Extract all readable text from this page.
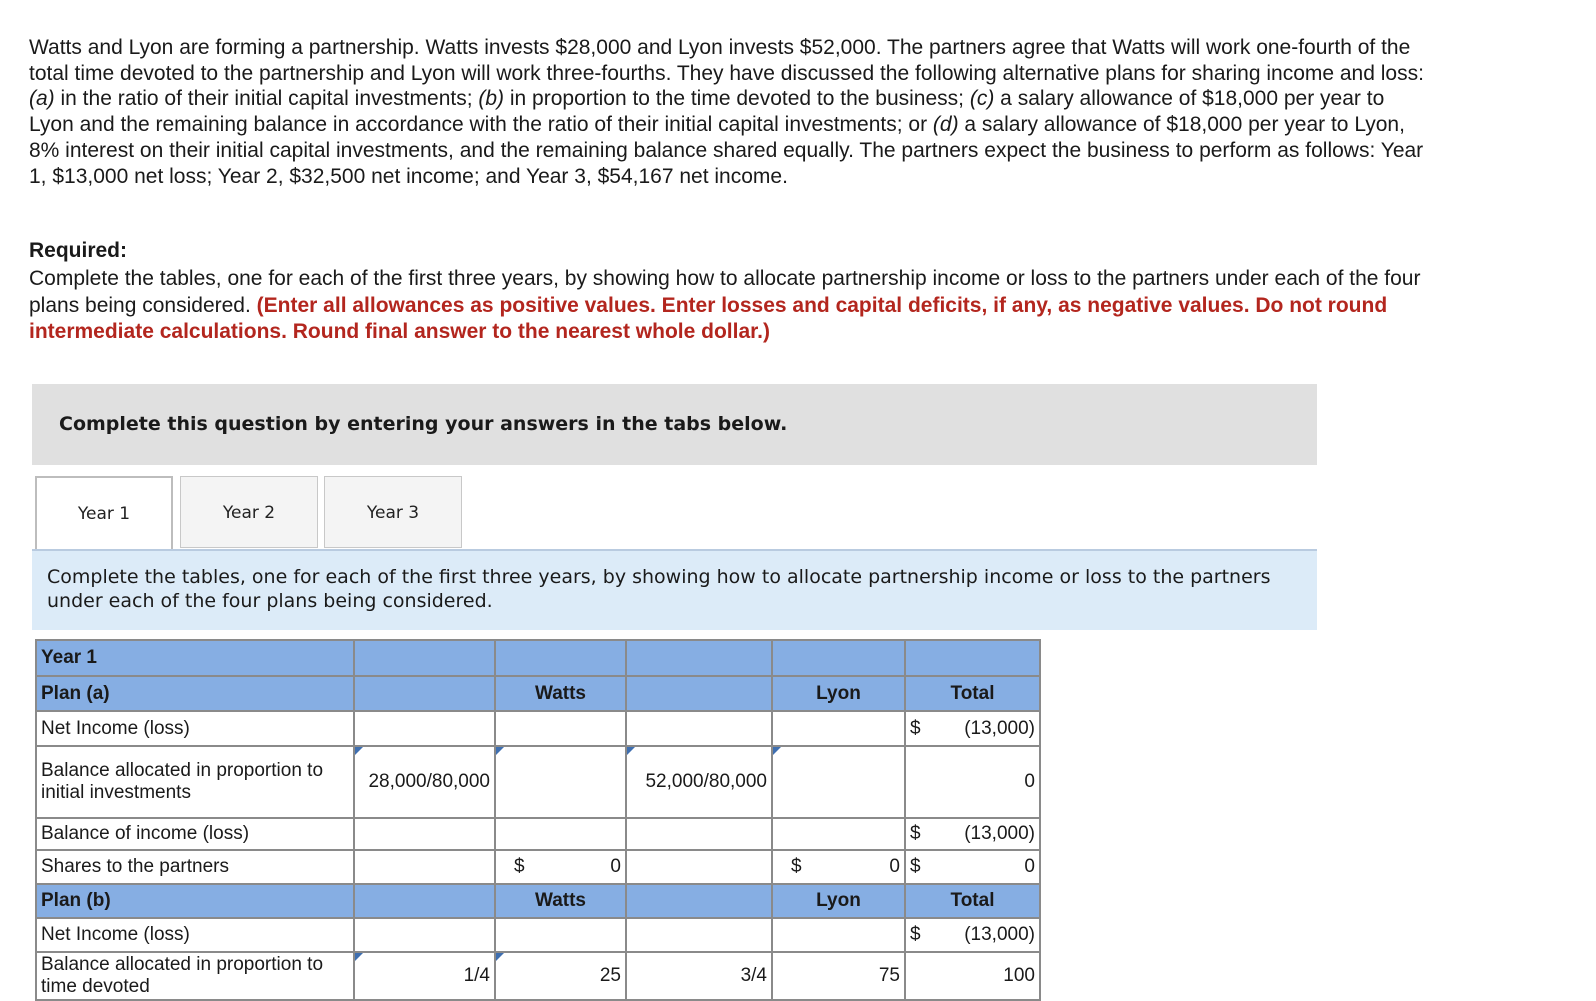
Watts and Lyon are forming a partnership. Watts invests $28,000 and Lyon invests $52,000. The partners agree that Watts will work one-fourth of the total time devoted to the partnership and Lyon will work three-fourths. They have discussed the following alternative plans for sharing income and loss: (a) in the ratio of their initial capital investments; (b) in proportion to the time devoted to the business; (c) a salary allowance of $18,000 per year to Lyon and the remaining balance in accordance with the ratio of their initial capital investments; or (d) a salary allowance of $18,000 per year to Lyon, 8% interest on their initial capital investments, and the remaining balance shared equally. The partners expect the business to perform as follows: Year 1, $13,000 net loss; Year 2, $32,500 net income; and Year 3, $54,167 net income.

Required:
Complete the tables, one for each of the first three years, by showing how to allocate partnership income or loss to the partners under each of the four plans being considered. (Enter all allowances as positive values. Enter losses and capital deficits, if any, as negative values. Do not round intermediate calculations. Round final answer to the nearest whole dollar.)
Complete this question by entering your answers in the tabs below.
Year 1	Year 2	Year 3
Complete the tables, one for each of the first three years, by showing how to allocate partnership income or loss to the partners under each of the four plans being considered.
Year 1					
Plan (a)		Watts		Lyon	Total
Net Income (loss)					$ (13,000)
Balance allocated in proportion to initial investments	28,000/80,000		52,000/80,000		0
Balance of income (loss)					$ (13,000)
Shares to the partners		$ 0		$ 0	$ 0
Plan (b)		Watts		Lyon	Total
Net Income (loss)					$ (13,000)
Balance allocated in proportion to time devoted	1/4	25	3/4	75	100
